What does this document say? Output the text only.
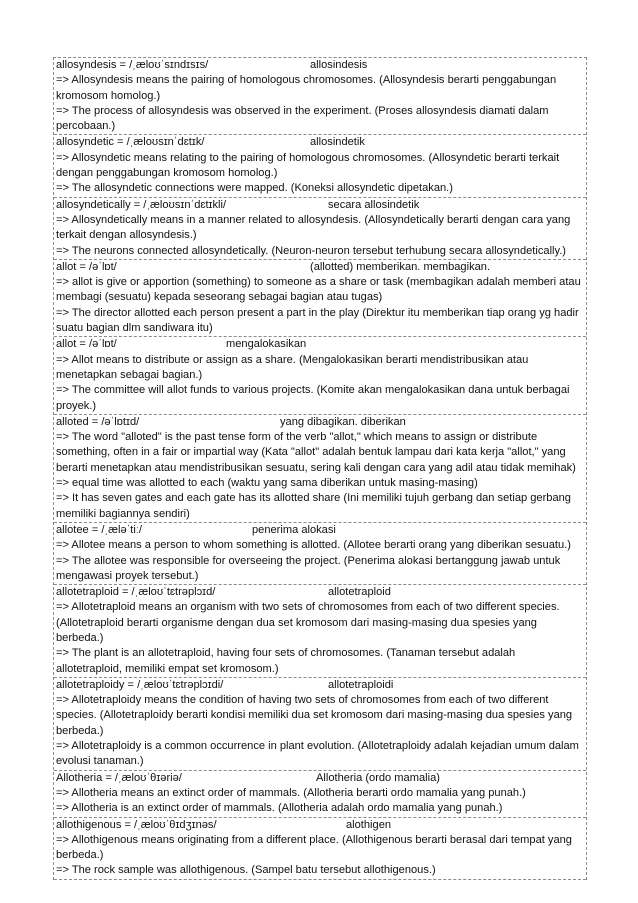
allosyndesis = /ˌæloʊˈsɪndɪsɪs/	allosindesis
=> Allosyndesis means the pairing of homologous chromosomes. (Allosyndesis berarti penggabungan kromosom homolog.)
=> The process of allosyndesis was observed in the experiment. (Proses allosyndesis diamati dalam percobaan.)
allosyndetic = /ˌæloʊsɪnˈdɛtɪk/	allosindetik
=> Allosyndetic means relating to the pairing of homologous chromosomes. (Allosyndetic berarti terkait dengan penggabungan kromosom homolog.)
=> The allosyndetic connections were mapped. (Koneksi allosyndetic dipetakan.)
allosyndetically = /ˌæloʊsɪnˈdɛtɪkli/	secara allosindetik
=> Allosyndetically means in a manner related to allosyndesis. (Allosyndetically berarti dengan cara yang terkait dengan allosyndesis.)
=> The neurons connected allosyndetically. (Neuron-neuron tersebut terhubung secara allosyndetically.)
allot = /əˈlɒt/	(allotted) memberikan. membagikan.
=> allot is give or apportion (something) to someone as a share or task (membagikan adalah memberi atau membagi (sesuatu) kepada seseorang sebagai bagian atau tugas)
=> The director allotted each person present a part in the play (Direktur itu memberikan tiap orang yg hadir suatu bagian dlm sandiwara itu)
allot = /əˈlɒt/	mengalokasikan
=> Allot means to distribute or assign as a share. (Mengalokasikan berarti mendistribusikan atau menetapkan sebagai bagian.)
=> The committee will allot funds to various projects. (Komite akan mengalokasikan dana untuk berbagai proyek.)
alloted = /əˈlɒtɪd/	yang dibagikan. diberikan
=> The word "alloted" is the past tense form of the verb "allot," which means to assign or distribute something, often in a fair or impartial way (Kata "allot" adalah bentuk lampau dari kata kerja "allot," yang berarti menetapkan atau mendistribusikan sesuatu, sering kali dengan cara yang adil atau tidak memihak)
=> equal time was allotted to each (waktu yang sama diberikan untuk masing-masing)
=> It has seven gates and each gate has its allotted share (Ini memiliki tujuh gerbang dan setiap gerbang memiliki bagiannya sendiri)
allotee = /ˌæləˈtiː/	penerima alokasi
=> Allotee means a person to whom something is allotted. (Allotee berarti orang yang diberikan sesuatu.)
=> The allotee was responsible for overseeing the project. (Penerima alokasi bertanggung jawab untuk mengawasi proyek tersebut.)
allotetraploid = /ˌæloʊˈtɛtrəplɔɪd/	allotetraploid
=> Allotetraploid means an organism with two sets of chromosomes from each of two different species. (Allotetraploid berarti organisme dengan dua set kromosom dari masing-masing dua spesies yang berbeda.)
=> The plant is an allotetraploid, having four sets of chromosomes. (Tanaman tersebut adalah allotetraploid, memiliki empat set kromosom.)
allotetraploidy = /ˌæloʊˈtɛtrəplɔɪdi/	allotetraploidi
=> Allotetraploidy means the condition of having two sets of chromosomes from each of two different species. (Allotetraploidy berarti kondisi memiliki dua set kromosom dari masing-masing dua spesies yang berbeda.)
=> Allotetraploidy is a common occurrence in plant evolution. (Allotetraploidy adalah kejadian umum dalam evolusi tanaman.)
Allotheria = /ˌæloʊˈθɪəriə/	Allotheria (ordo mamalia)
=> Allotheria means an extinct order of mammals. (Allotheria berarti ordo mamalia yang punah.)
=> Allotheria is an extinct order of mammals. (Allotheria adalah ordo mamalia yang punah.)
allothigenous = /ˌæloʊˈθɪdʒɪnəs/	alothigen
=> Allothigenous means originating from a different place. (Allothigenous berarti berasal dari tempat yang berbeda.)
=> The rock sample was allothigenous. (Sampel batu tersebut allothigenous.)
